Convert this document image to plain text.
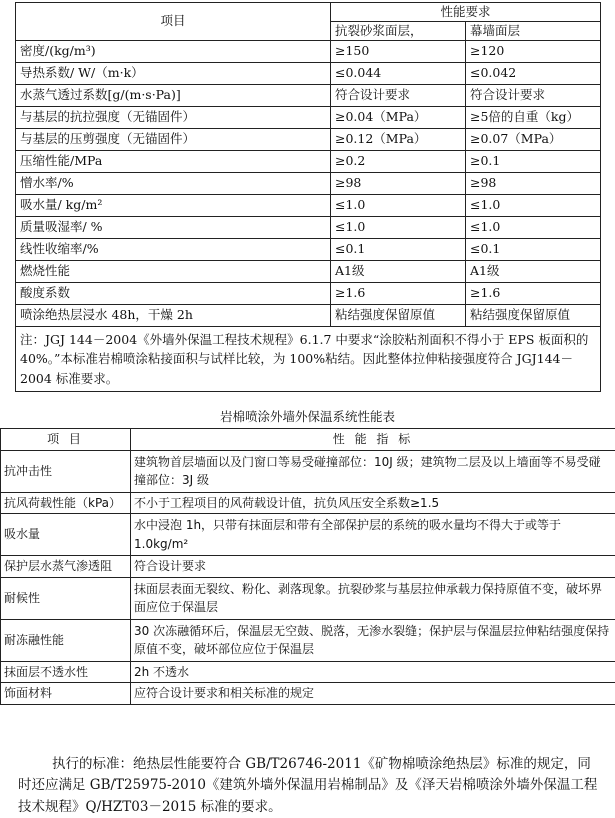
项目	性能要求	
	抗裂砂浆面层，	幕墙面层
密度/(kg/m³)	≥150	≥120
导热系数/ W/（m·k）	≤0.044	≤0.042
水蒸气透过系数[g/(m·s·Pa)]	符合设计要求	符合设计要求
与基层的抗拉强度（无锚固件）	≥0.04（MPa）	≥5倍的自重（kg）
与基层的压剪强度（无锚固件）	≥0.12（MPa）	≥0.07（MPa）
压缩性能/MPa	≥0.2	≥0.1
憎水率/%	≥98	≥98
吸水量/ kg/m²	≤1.0	≤1.0
质量吸湿率/ %	≤1.0	≤1.0
线性收缩率/%	≤0.1	≤0.1
燃烧性能	A1级	A1级
酸度系数	≥1.6	≥1.6
喷涂绝热层浸水 48h，干燥 2h	粘结强度保留原值	粘结强度保留原值
注：JGJ 144－2004《外墙外保温工程技术规程》6.1.7 中要求“涂胶粘剂面积不得小于 EPS 板面积的 40%。”本标准岩棉喷涂粘接面积与试样比较，为 100%粘结。因此整体拉伸粘接强度符合 JGJ144－2004 标准要求。		
岩棉喷涂外墙外保温系统性能表
项 目	性 能 指 标
抗冲击性	建筑物首层墙面以及门窗口等易受碰撞部位：10J 级；建筑物二层及以上墙面等不易受碰撞部位：3J 级
抗风荷载性能（kPa）	不小于工程项目的风荷载设计值，抗负风压安全系数≥1.5
吸水量	水中浸泡 1h，只带有抹面层和带有全部保护层的系统的吸水量均不得大于或等于 1.0kg/m²
保护层水蒸气渗透阻	符合设计要求
耐候性	抹面层表面无裂纹、粉化、剥落现象。抗裂砂浆与基层拉伸承载力保持原值不变，破坏界面应位于保温层
耐冻融性能	30 次冻融循环后，保温层无空鼓、脱落，无渗水裂缝；保护层与保温层拉伸粘结强度保持原值不变，破坏部位应位于保温层
抹面层不透水性	2h 不透水
饰面材料	应符合设计要求和相关标准的规定

执行的标准：绝热层性能要符合 GB/T26746-2011《矿物棉喷涂绝热层》标准的规定，同时还应满足 GB/T25975-2010《建筑外墙外保温用岩棉制品》及《泽天岩棉喷涂外墙外保温工程技术规程》Q/HZT03－2015 标准的要求。
